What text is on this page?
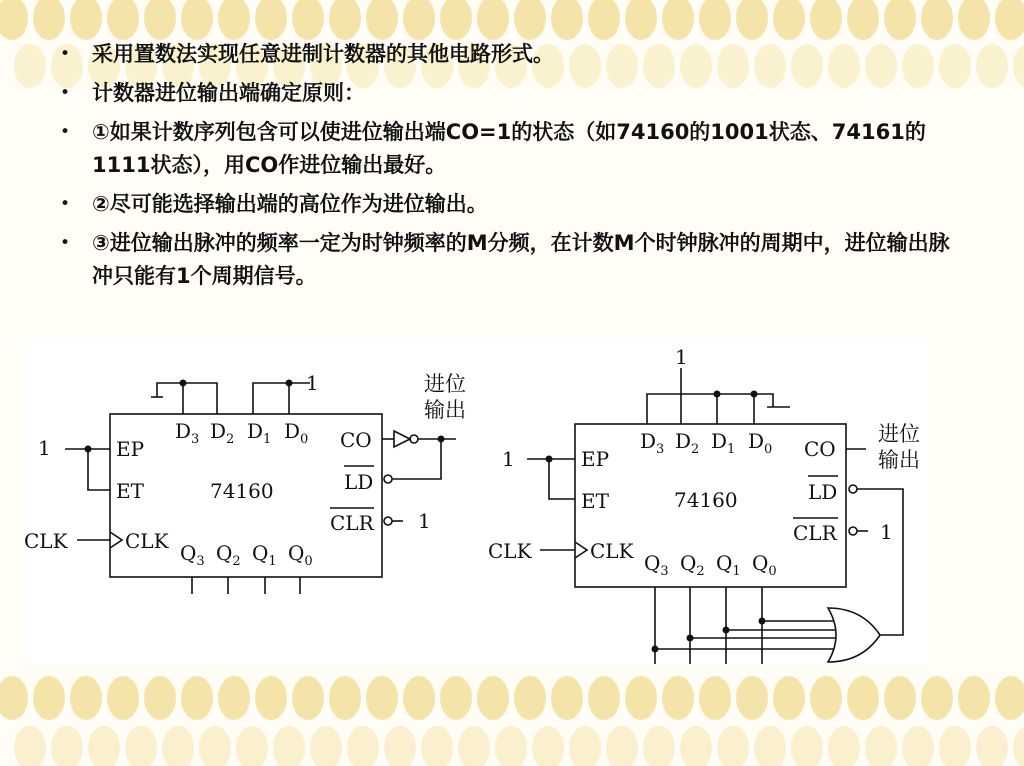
• 采用置数法实现任意进制计数器的其他电路形式。
• 计数器进位输出端确定原则：
• ①如果计数序列包含可以使进位输出端CO=1的状态（如74160的1001状态、74161的1111状态），用CO作进位输出最好。
• ②尽可能选择输出端的高位作为进位输出。
• ③进位输出脉冲的频率一定为时钟频率的M分频，在计数M个时钟脉冲的周期中，进位输出脉冲只能有1个周期信号。
1	EP
ET
CLK	CLK
74160
CO
LD
CLR 1
1
$D_3$ $D_2$ $D_1$ $D_0$
$Q_3$ $Q_2$ $Q_1$ $Q_0$
进位
输出
1	EP
ET
CLK	CLK
74160
CO
LD
CLR 1
1
$D_3$ $D_2$ $D_1$ $D_0$
$Q_3$ $Q_2$ $Q_1$ $Q_0$
进位
输出
